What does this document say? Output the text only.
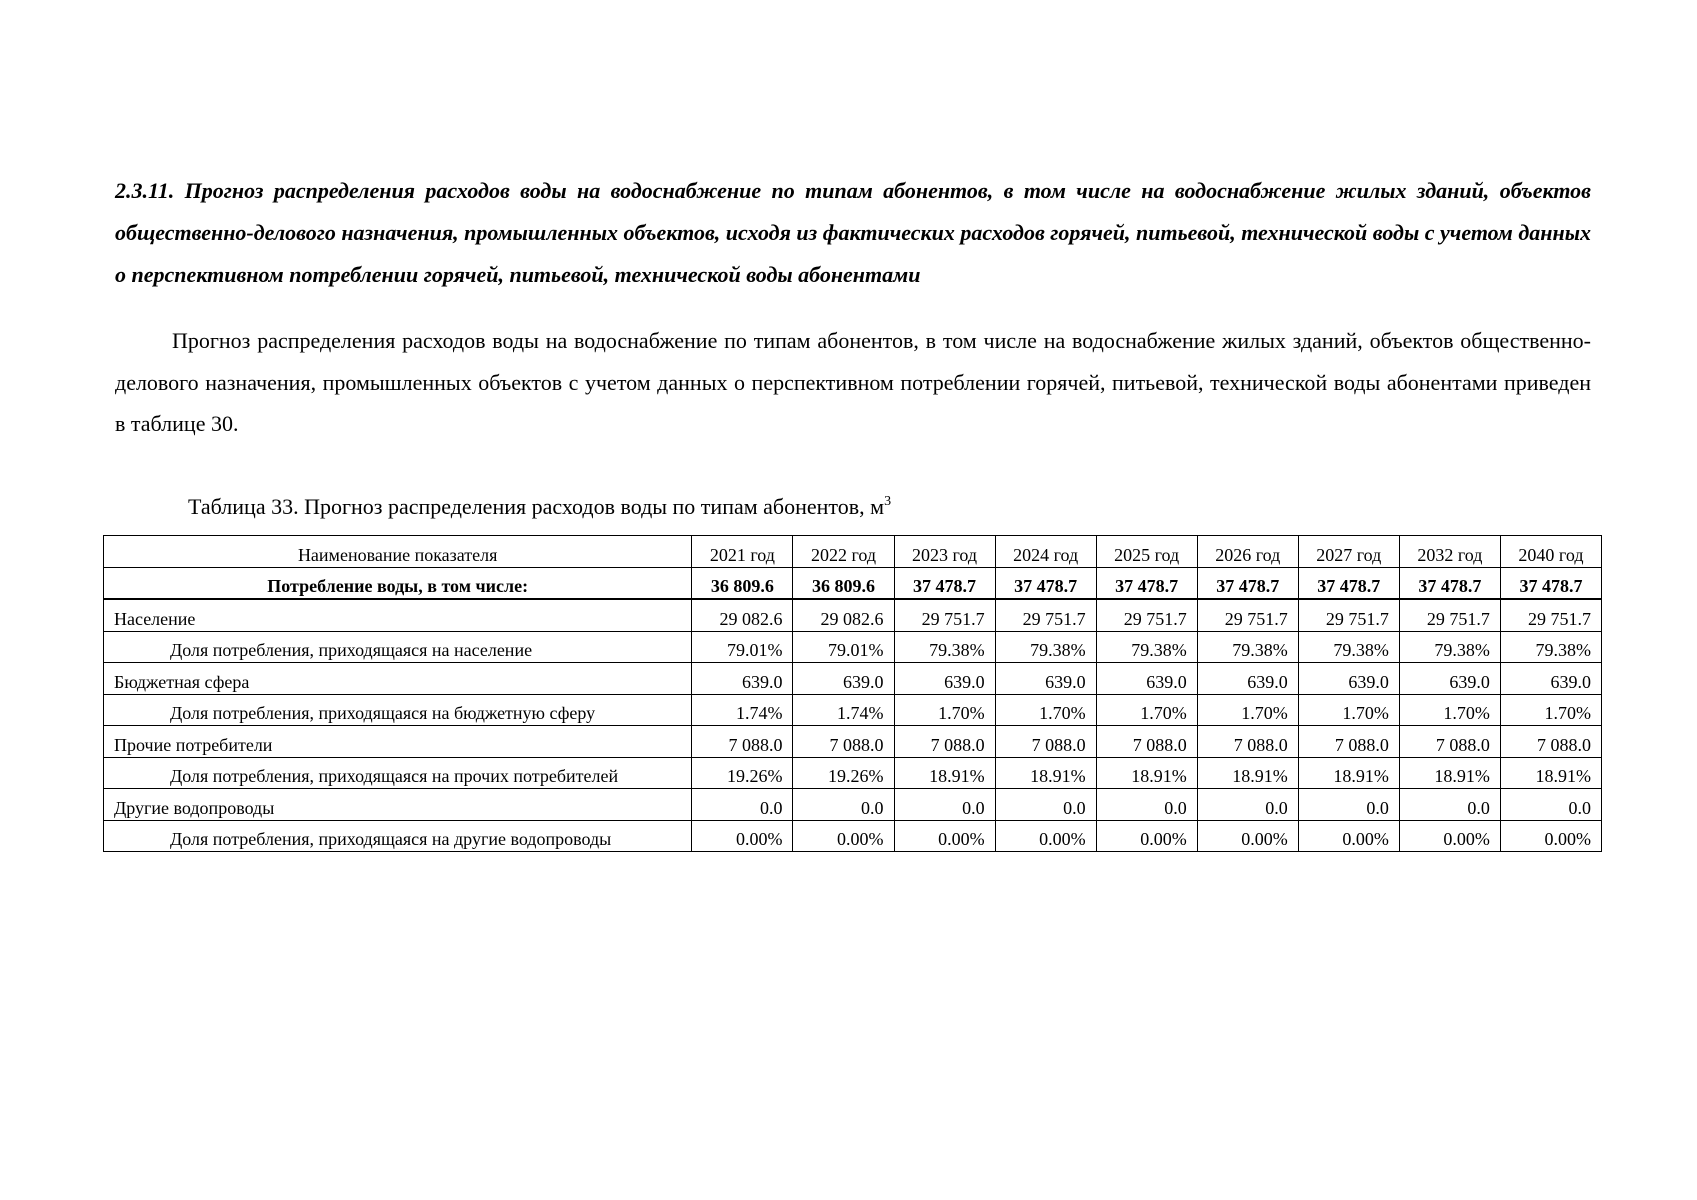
2.3.11. Прогноз распределения расходов воды на водоснабжение по типам абонентов, в том числе на водоснабжение жилых зданий, объектов общественно-делового назначения, промышленных объектов, исходя из фактических расходов горячей, питьевой, технической воды с учетом данных о перспективном потреблении горячей, питьевой, технической воды абонентами

Прогноз распределения расходов воды на водоснабжение по типам абонентов, в том числе на водоснабжение жилых зданий, объектов общественно-делового назначения, промышленных объектов с учетом данных о перспективном потреблении горячей, питьевой, технической воды абонентами приведен в таблице 30.

Таблица 33. Прогноз распределения расходов воды по типам абонентов, $м^3$

Наименование показателя	2021 год	2022 год	2023 год	2024 год	2025 год	2026 год	2027 год	2032 год	2040 год
Потребление воды, в том числе:	36 809.6	36 809.6	37 478.7	37 478.7	37 478.7	37 478.7	37 478.7	37 478.7	37 478.7
Население	29 082.6	29 082.6	29 751.7	29 751.7	29 751.7	29 751.7	29 751.7	29 751.7	29 751.7
Доля потребления, приходящаяся на население	79.01%	79.01%	79.38%	79.38%	79.38%	79.38%	79.38%	79.38%	79.38%
Бюджетная сфера	639.0	639.0	639.0	639.0	639.0	639.0	639.0	639.0	639.0
Доля потребления, приходящаяся на бюджетную сферу	1.74%	1.74%	1.70%	1.70%	1.70%	1.70%	1.70%	1.70%	1.70%
Прочие потребители	7 088.0	7 088.0	7 088.0	7 088.0	7 088.0	7 088.0	7 088.0	7 088.0	7 088.0
Доля потребления, приходящаяся на прочих потребителей	19.26%	19.26%	18.91%	18.91%	18.91%	18.91%	18.91%	18.91%	18.91%
Другие водопроводы	0.0	0.0	0.0	0.0	0.0	0.0	0.0	0.0	0.0
Доля потребления, приходящаяся на другие водопроводы	0.00%	0.00%	0.00%	0.00%	0.00%	0.00%	0.00%	0.00%	0.00%
